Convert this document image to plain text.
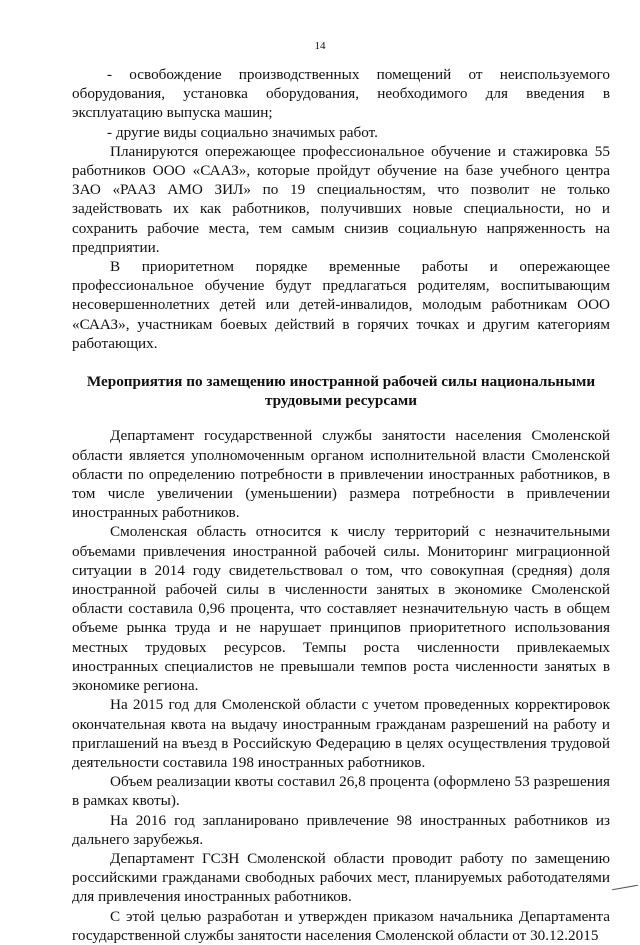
14

- освобождение производственных помещений от неиспользуемого оборудования, установка оборудования, необходимого для введения в эксплуатацию выпуска машин;

- другие виды социально значимых работ.

Планируются опережающее профессиональное обучение и стажировка 55 работников ООО «СААЗ», которые пройдут обучение на базе учебного центра ЗАО «РААЗ АМО ЗИЛ» по 19 специальностям, что позволит не только задействовать их как работников, получивших новые специальности, но и сохранить рабочие места, тем самым снизив социальную напряженность на предприятии.

В приоритетном порядке временные работы и опережающее профессиональное обучение будут предлагаться родителям, воспитывающим несовершеннолетних детей или детей-инвалидов, молодым работникам ООО «СААЗ», участникам боевых действий в горячих точках и другим категориям работающих.

Мероприятия по замещению иностранной рабочей силы национальными трудовыми ресурсами

Департамент государственной службы занятости населения Смоленской области является уполномоченным органом исполнительной власти Смоленской области по определению потребности в привлечении иностранных работников, в том числе увеличении (уменьшении) размера потребности в привлечении иностранных работников.

Смоленская область относится к числу территорий с незначительными объемами привлечения иностранной рабочей силы. Мониторинг миграционной ситуации в 2014 году свидетельствовал о том, что совокупная (средняя) доля иностранной рабочей силы в численности занятых в экономике Смоленской области составила 0,96 процента, что составляет незначительную часть в общем объеме рынка труда и не нарушает принципов приоритетного использования местных трудовых ресурсов. Темпы роста численности привлекаемых иностранных специалистов не превышали темпов роста численности занятых в экономике региона.

На 2015 год для Смоленской области с учетом проведенных корректировок окончательная квота на выдачу иностранным гражданам разрешений на работу и приглашений на въезд в Российскую Федерацию в целях осуществления трудовой деятельности составила 198 иностранных работников.

Объем реализации квоты составил 26,8 процента (оформлено 53 разрешения в рамках квоты).

На 2016 год запланировано привлечение 98 иностранных работников из дальнего зарубежья.

Департамент ГСЗН Смоленской области проводит работу по замещению российскими гражданами свободных рабочих мест, планируемых работодателями для привлечения иностранных работников.

С этой целью разработан и утвержден приказом начальника Департамента государственной службы занятости населения Смоленской области от 30.12.2015
